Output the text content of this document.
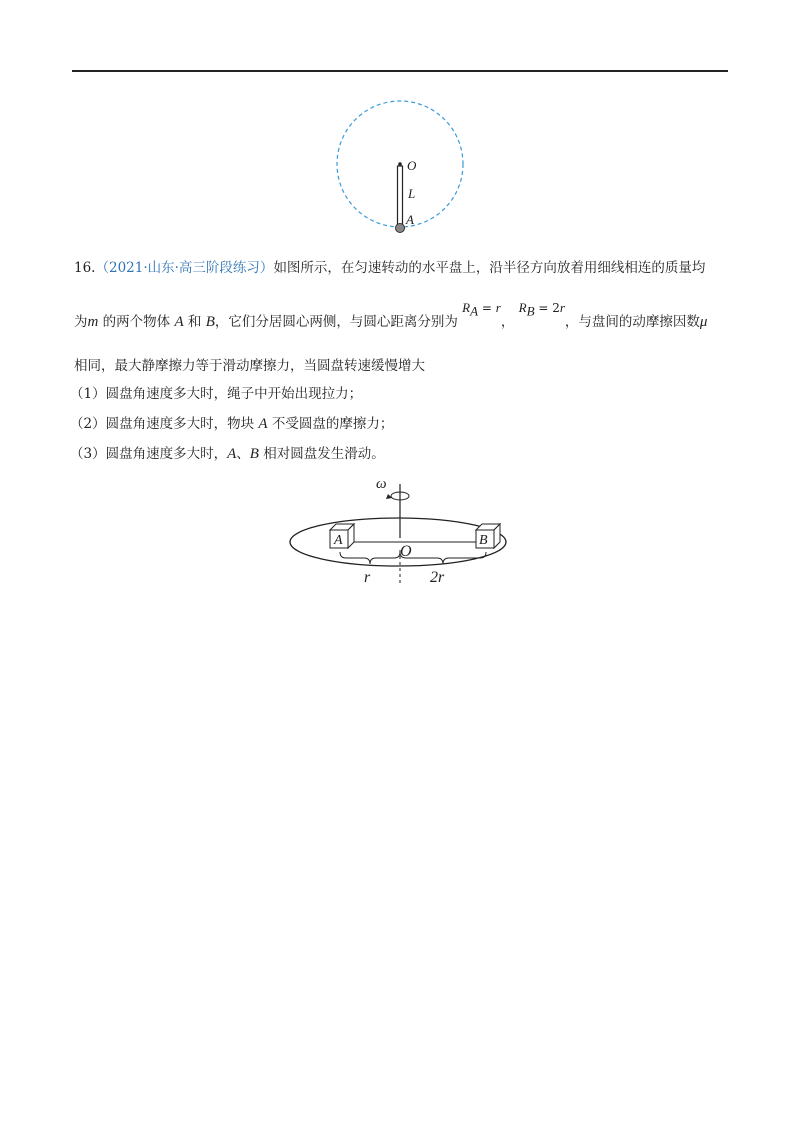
O
L
A
16.（2021·山东·高三阶段练习）如图所示，在匀速转动的水平盘上，沿半径方向放着用细线相连的质量均
为m 的两个物体 A 和 B，它们分居圆心两侧，与圆心距离分别为 $R_A = r$， $R_B = 2r$，与盘间的动摩擦因数μ
相同，最大静摩擦力等于滑动摩擦力，当圆盘转速缓慢增大
（1）圆盘角速度多大时，绳子中开始出现拉力；
（2）圆盘角速度多大时，物块 A 不受圆盘的摩擦力；
（3）圆盘角速度多大时，A、B 相对圆盘发生滑动。
ω
A	B
O
r	2r
